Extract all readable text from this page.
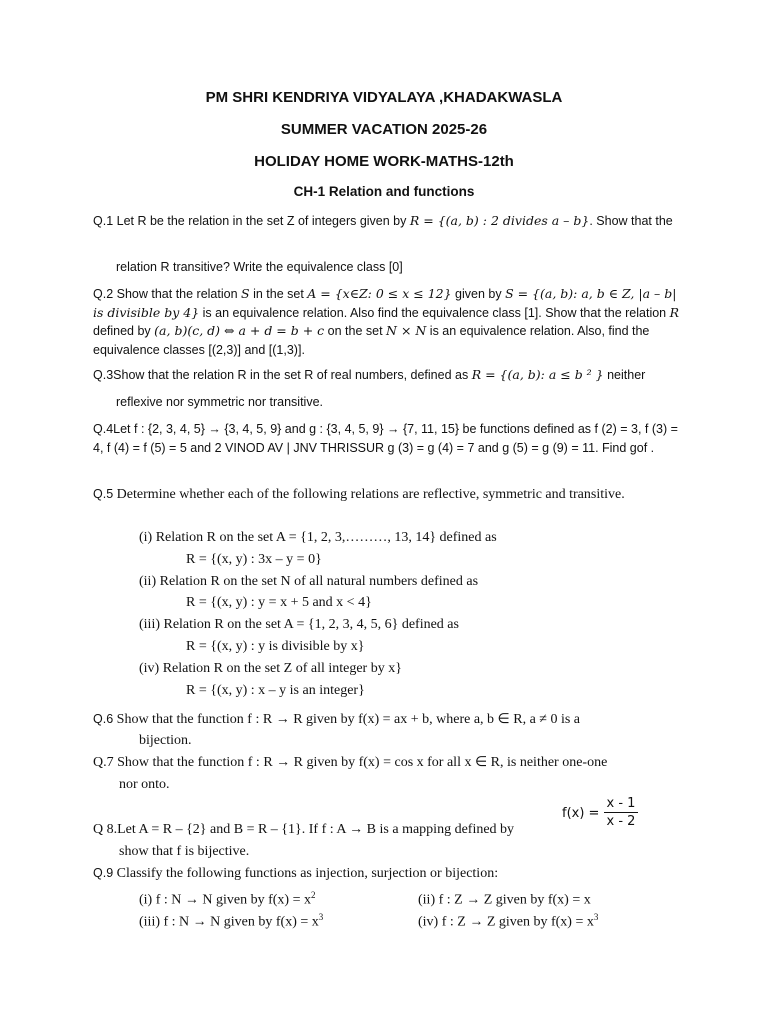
PM SHRI KENDRIYA VIDYALAYA ,KHADAKWASLA
SUMMER VACATION 2025-26
HOLIDAY HOME WORK-MATHS-12th
CH-1 Relation and functions
Q.1 Let R be the relation in the set Z of integers given by R = {(a, b) : 2 divides a – b}. Show that the
relation R transitive? Write the equivalence class [0]
Q.2 Show that the relation S in the set A = {x∈Z: 0 ≤ x ≤ 12} given by S = {(a, b): a, b ∈ Z, |a – b| is divisible by 4} is an equivalence relation. Also find the equivalence class [1]. Show that the relation R defined by (a, b)(c, d) ⇔ a + d = b + c on the set N × N is an equivalence relation. Also, find the equivalence classes [(2,3)] and [(1,3)].
Q.3Show that the relation R in the set R of real numbers, defined as R = {(a, b): a ≤ b ² } neither
reflexive nor symmetric nor transitive.
Q.4Let f : {2, 3, 4, 5} → {3, 4, 5, 9} and g : {3, 4, 5, 9} → {7, 11, 15} be functions defined as f (2) = 3, f (3) = 4, f (4) = f (5) = 5 and 2 VINOD AV | JNV THRISSUR g (3) = g (4) = 7 and g (5) = g (9) = 11. Find gof .
Q.5 Determine whether each of the following relations are reflective, symmetric and transitive.
(i) Relation R on the set A = {1, 2, 3,………, 13, 14} defined as
R = {(x, y) : 3x – y = 0}
(ii) Relation R on the set N of all natural numbers defined as
R = {(x, y) : y = x + 5 and x < 4}
(iii) Relation R on the set A = {1, 2, 3, 4, 5, 6} defined as
R = {(x, y) : y is divisible by x}
(iv) Relation R on the set Z of all integer by x}
R = {(x, y) : x – y is an integer}
Q.6 Show that the function f : R → R given by f(x) = ax + b, where a, b ∈ R, a ≠ 0 is a
bijection.
Q.7 Show that the function f : R → R given by f(x) = cos x for all x ∈ R, is neither one-one
nor onto.
Q 8.Let A = R – {2} and B = R – {1}. If f : A → B is a mapping defined by
show that f is bijective.
f(x) =
x - 1
x - 2
Q.9 Classify the following functions as injection, surjection or bijection:
(i) f : N → N given by $f(x) = x^2$	(ii) f : Z → Z given by f(x) = x
(iii) f : N → N given by $f(x) = x^3$	(iv) f : Z → Z given by $f(x) = x^3$
